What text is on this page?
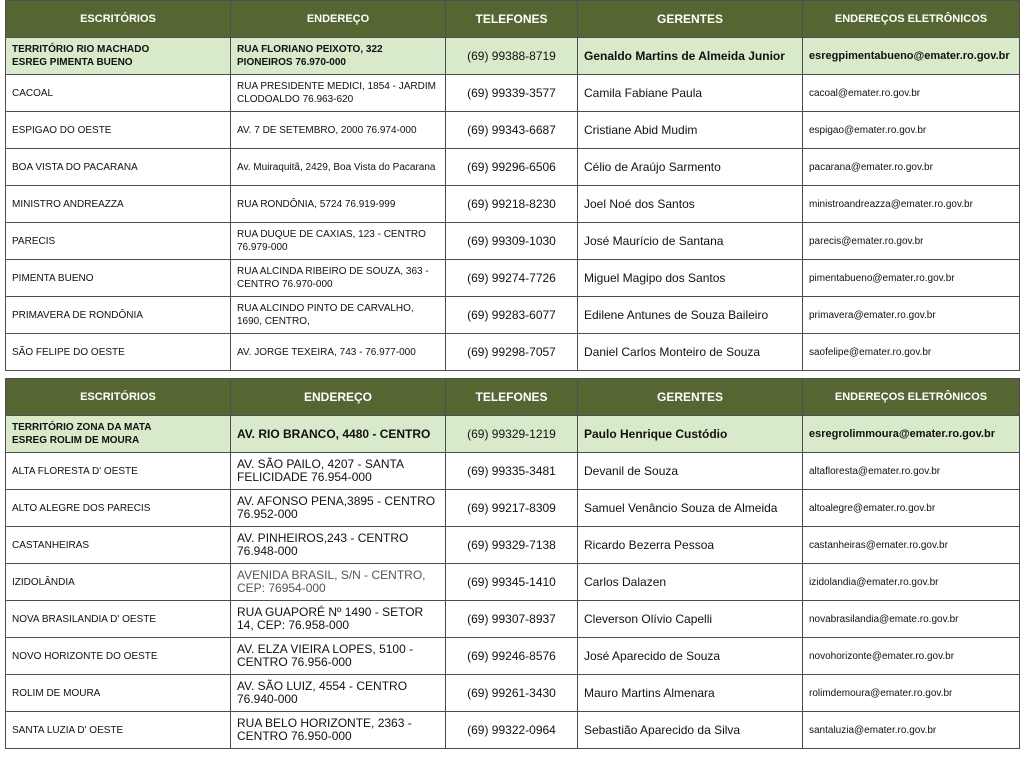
ESCRITÓRIOS	ENDEREÇO	TELEFONES	GERENTES	ENDEREÇOS ELETRÔNICOS

TERRITÓRIO RIO MACHADO
ESREG PIMENTA BUENO	RUA FLORIANO PEIXOTO, 322 PIONEIROS 76.970-000	(69) 99388-8719	Genaldo Martins de Almeida Junior	esregpimentabueno@emater.ro.gov.br
CACOAL	RUA PRESIDENTE MEDICI, 1854 - JARDIM CLODOALDO 76.963-620	(69) 99339-3577	Camila Fabiane Paula	cacoal@emater.ro.gov.br
ESPIGAO DO OESTE	AV. 7 DE SETEMBRO, 2000 76.974-000	(69) 99343-6687	Cristiane Abid Mudim	espigao@emater.ro.gov.br
BOA VISTA DO PACARANA	Av. Muiraquitã, 2429, Boa Vista do Pacarana	(69) 99296-6506	Célio de Araújo Sarmento	pacarana@emater.ro.gov.br
MINISTRO ANDREAZZA	RUA RONDÔNIA, 5724 76.919-999	(69) 99218-8230	Joel Noé dos Santos	ministroandreazza@emater.ro.gov.br
PARECIS	RUA DUQUE DE CAXIAS, 123 - CENTRO 76.979-000	(69) 99309-1030	José Maurício de Santana	parecis@emater.ro.gov.br
PIMENTA BUENO	RUA ALCINDA RIBEIRO DE SOUZA, 363 - CENTRO 76.970-000	(69) 99274-7726	Miguel Magipo dos Santos	pimentabueno@emater.ro.gov.br
PRIMAVERA DE RONDÔNIA	RUA ALCINDO PINTO DE CARVALHO, 1690, CENTRO,	(69) 99283-6077	Edilene Antunes de Souza Baileiro	primavera@emater.ro.gov.br
SÃO FELIPE DO OESTE	AV. JORGE TEXEIRA, 743 - 76.977-000	(69) 99298-7057	Daniel Carlos Monteiro de Souza	saofelipe@emater.ro.gov.br
ESCRITÓRIOS	ENDEREÇO	TELEFONES	GERENTES	ENDEREÇOS ELETRÔNICOS

TERRITÓRIO ZONA DA MATA
ESREG ROLIM DE MOURA	AV. RIO BRANCO, 4480 - CENTRO	(69) 99329-1219	Paulo Henrique Custódio	esregrolimmoura@emater.ro.gov.br
ALTA FLORESTA D' OESTE	AV. SÃO PAILO, 4207 - SANTA FELICIDADE 76.954-000	(69) 99335-3481	Devanil de Souza	altafloresta@emater.ro.gov.br
ALTO ALEGRE DOS PARECIS	AV. AFONSO PENA,3895 - CENTRO 76.952-000	(69) 99217-8309	Samuel Venâncio Souza de Almeida	altoalegre@emater.ro.gov.br
CASTANHEIRAS	AV. PINHEIROS,243 - CENTRO 76.948-000	(69) 99329-7138	Ricardo Bezerra Pessoa	castanheiras@emater.ro.gov.br
IZIDOLÂNDIA	AVENIDA BRASIL, S/N - CENTRO, CEP: 76954-000	(69) 99345-1410	Carlos Dalazen	izidolandia@emater.ro.gov.br
NOVA BRASILANDIA D' OESTE	RUA GUAPORÉ Nº 1490 - SETOR 14, CEP: 76.958-000	(69) 99307-8937	Cleverson Olívio Capelli	novabrasilandia@emate.ro.gov.br
NOVO HORIZONTE DO OESTE	AV. ELZA VIEIRA LOPES, 5100 - CENTRO 76.956-000	(69) 99246-8576	José Aparecido de Souza	novohorizonte@emater.ro.gov.br
ROLIM DE MOURA	AV. SÃO LUIZ, 4554 - CENTRO 76.940-000	(69) 99261-3430	Mauro Martins Almenara	rolimdemoura@emater.ro.gov.br
SANTA LUZIA D' OESTE	RUA BELO HORIZONTE, 2363 - CENTRO 76.950-000	(69) 99322-0964	Sebastião Aparecido da Silva	santaluzia@emater.ro.gov.br
